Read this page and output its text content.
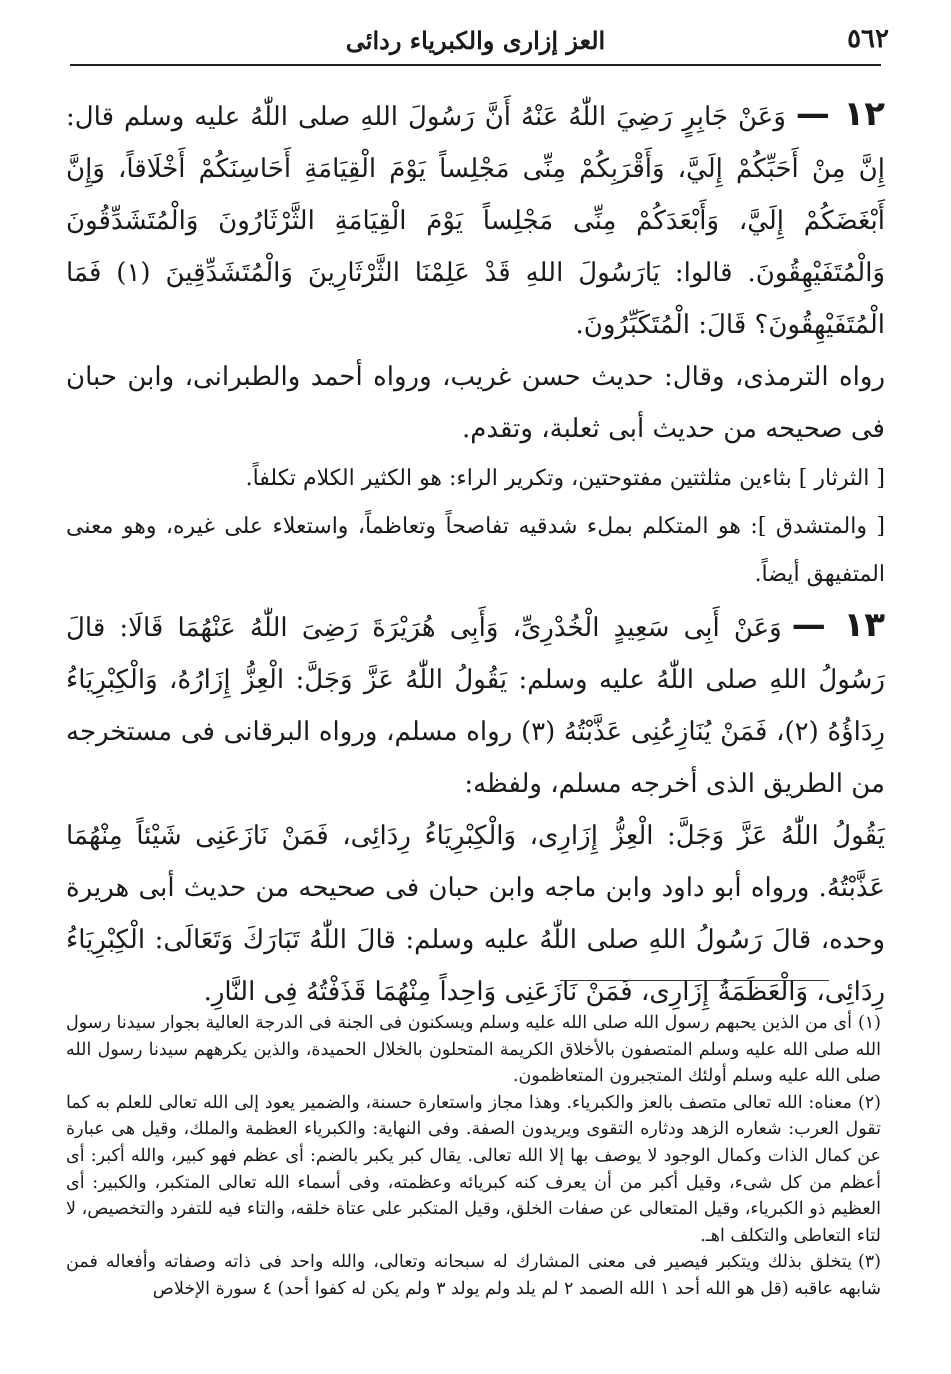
٥٦٢
العز إزارى والكبرياء ردائى

١٢ —وَعَنْ جَابِرٍ رَضِيَ اللّٰهُ عَنْهُ أَنَّ رَسُولَ اللهِ صلى اللّٰهُ عليه وسلم قال: إِنَّ مِنْ أَحَبِّكُمْ إِلَيَّ، وَأَقْرَبِكُمْ مِنِّى مَجْلِساً يَوْمَ الْقِيَامَةِ أَحَاسِنَكُمْ أَخْلَاقاً، وَإِنَّ أَبْغَضَكُمْ إِلَيَّ، وَأَبْعَدَكُمْ مِنِّى مَجْلِساً يَوْمَ الْقِيَامَةِ الثَّرْثَارُونَ وَالْمُتَشَدِّقُونَ وَالْمُتَفَيْهِقُونَ. قالوا: يَارَسُولَ اللهِ قَدْ عَلِمْنَا الثَّرْثَارِينَ وَالْمُتَشَدِّقِينَ (١) فَمَا الْمُتَفَيْهِقُونَ؟ قَالَ: الْمُتَكَبِّرُونَ.

رواه الترمذى، وقال: حديث حسن غريب، ورواه أحمد والطبرانى، وابن حبان فى صحيحه من حديث أبى ثعلبة، وتقدم.

[ الثرثار ] بثاءين مثلثتين مفتوحتين، وتكرير الراء: هو الكثير الكلام تكلفاً.

[ والمتشدق ]: هو المتكلم بملء شدقيه تفاصحاً وتعاظماً، واستعلاء على غيره، وهو معنى المتفيهق أيضاً.

١٣ —وَعَنْ أَبِى سَعِيدٍ الْخُدْرِىِّ، وَأَبِى هُرَيْرَةَ رَضِىَ اللّٰهُ عَنْهُمَا قَالَا: قالَ رَسُولُ اللهِ صلى اللّٰهُ عليه وسلم: يَقُولُ اللّٰهُ عَزَّ وَجَلَّ: الْعِزُّ إِزَارُهُ، وَالْكِبْرِيَاءُ رِدَاؤُهُ (٢)، فَمَنْ يُنَازِعُنِى عَذَّبْتُهُ (٣) رواه مسلم، ورواه البرقانى فى مستخرجه من الطريق الذى أخرجه مسلم، ولفظه:

يَقُولُ اللّٰهُ عَزَّ وَجَلَّ: الْعِزُّ إِزَارِى، وَالْكِبْرِيَاءُ رِدَائِى، فَمَنْ نَازَعَنِى شَيْئاً مِنْهُمَا عَذَّبْتُهُ. ورواه أبو داود وابن ماجه وابن حبان فى صحيحه من حديث أبى هريرة وحده، قالَ رَسُولُ اللهِ صلى اللّٰهُ عليه وسلم: قالَ اللّٰهُ تَبَارَكَ وَتَعَالَى: الْكِبْرِيَاءُ رِدَائِى، وَالْعَظَمَةُ إِزَارِى، فَمَنْ نَازَعَنِى وَاحِداً مِنْهُمَا قَذَفْتُهُ فِى النَّارِ.

(١)أى من الذين يحبهم رسول الله صلى الله عليه وسلم ويسكنون فى الجنة فى الدرجة العالية بجوار سيدنا رسول الله صلى الله عليه وسلم المتصفون بالأخلاق الكريمة المتحلون بالخلال الحميدة، والذين يكرههم سيدنا رسول الله صلى الله عليه وسلم أولئك المتجبرون المتعاظمون.

(٢)معناه: الله تعالى متصف بالعز والكبرياء. وهذا مجاز واستعارة حسنة، والضمير يعود إلى الله تعالى للعلم به كما تقول العرب: شعاره الزهد ودثاره التقوى ويريدون الصفة. وفى النهاية: والكبرياء العظمة والملك، وقيل هى عبارة عن كمال الذات وكمال الوجود لا يوصف بها إلا الله تعالى. يقال كبر يكبر بالضم: أى عظم فهو كبير، والله أكبر: أى أعظم من كل شىء، وقيل أكبر من أن يعرف كنه كبريائه وعظمته، وفى أسماء الله تعالى المتكبر، والكبير: أى العظيم ذو الكبرياء، وقيل المتعالى عن صفات الخلق، وقيل المتكبر على عتاة خلقه، والتاء فيه للتفرد والتخصيص، لا لتاء التعاطى والتكلف اهـ.

(٣)يتخلق بذلك ويتكبر فيصير فى معنى المشارك له سبحانه وتعالى، والله واحد فى ذاته وصفاته وأفعاله فمن شابهه عاقبه (قل هو الله أحد ١ الله الصمد ٢ لم يلد ولم يولد ٣ ولم يكن له كفوا أحد) ٤ سورة الإخلاص
